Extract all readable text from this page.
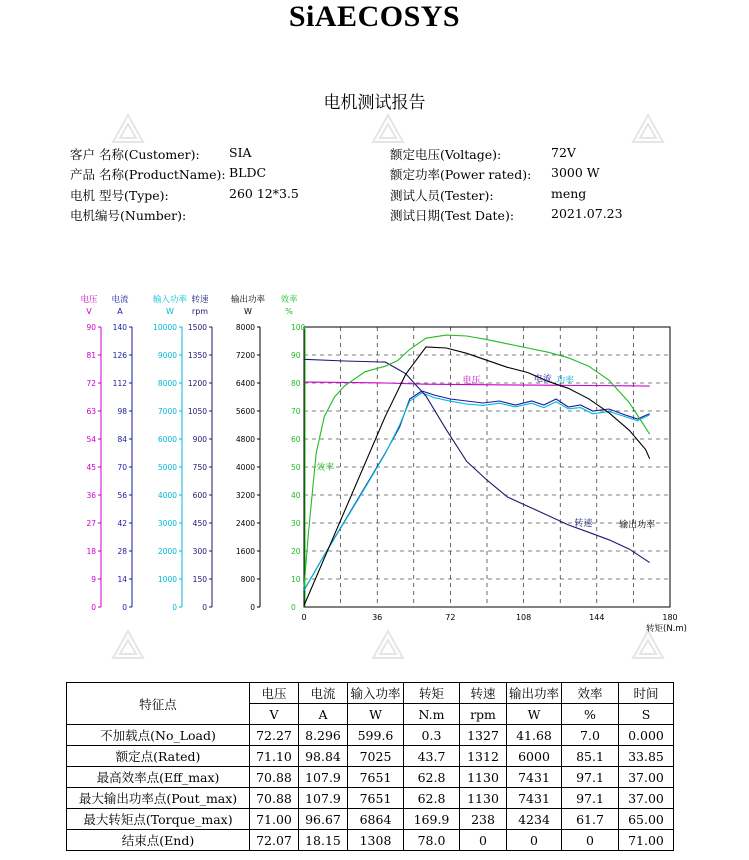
SiAECOSYS
电机测试报告
客户 名称(Customer): SIA
产品 名称(ProductName): BLDC
电机 型号(Type):	260 12*3.5
电机编号(Number):
额定电压(Voltage):	72V
额定功率(Power rated): 3000 W
测试人员(Tester):	meng
测试日期(Test Date):	2021.07.23
0	36	72	108	144	180
转矩(N.m)
90
81
72
63
54
45
36
27
18
9
0
电压
V
140
126
112
98
84
70
56
42
28
14
0
电流
A
10000
9000
8000
7000
6000
5000
4000
3000
2000
1000
0
输入功率
W
1500
1350
1200
1050
900
750
600
450
300
150
0
转速
rpm
8000
7200
6400
5600
4800
4000
3200
2400
1600
800
0
输出功率
W
100
90
80
70
60
50
40
30
20
10
0
效率
%
电压	电流 功率
效率
转速	输出功率
特征点	电压	电流	输入功率	转矩	转速	输出功率	效率	时间
	V	A	W	N.m	rpm	W	%	S
不加载点(No_Load)	72.27	8.296	599.6	0.3	1327	41.68	7.0	0.000
额定点(Rated)	71.10	98.84	7025	43.7	1312	6000	85.1	33.85
最高效率点(Eff_max)	70.88	107.9	7651	62.8	1130	7431	97.1	37.00
最大输出功率点(Pout_max)	70.88	107.9	7651	62.8	1130	7431	97.1	37.00
最大转矩点(Torque_max)	71.00	96.67	6864	169.9	238	4234	61.7	65.00
结束点(End)	72.07	18.15	1308	78.0	0	0	0	71.00
